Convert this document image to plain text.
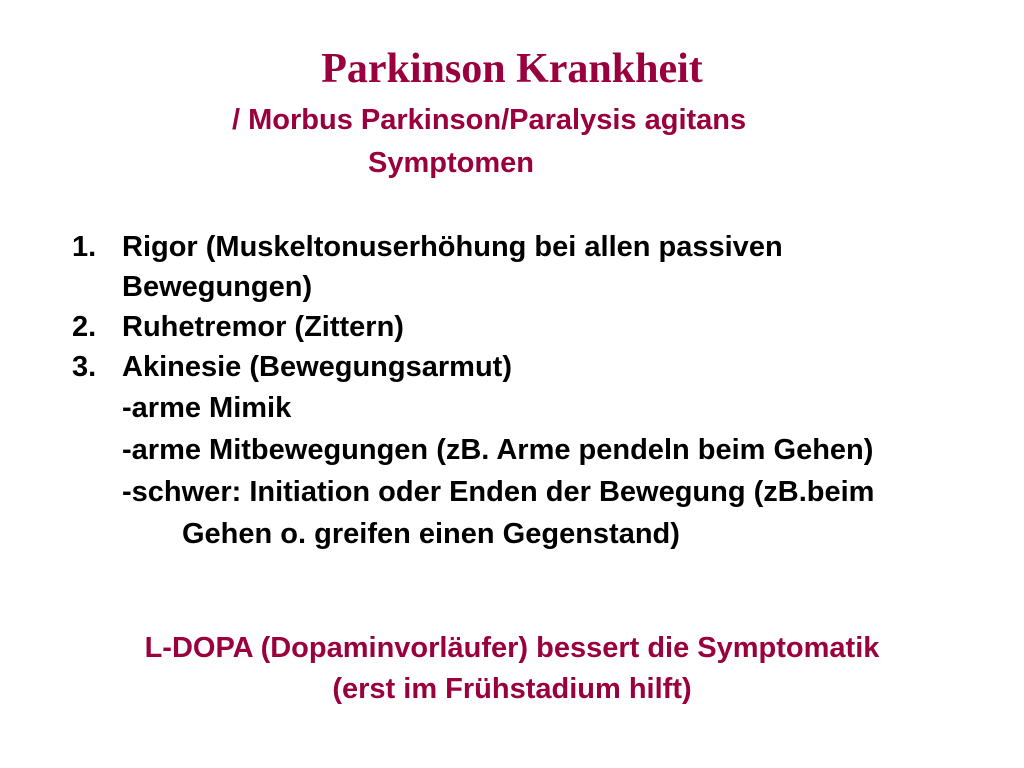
Parkinson Krankheit
/ Morbus Parkinson/Paralysis agitans
Symptomen
1. Rigor (Muskeltonuserhöhung bei allen passiven
Bewegungen)
2. Ruhetremor (Zittern)
3. Akinesie (Bewegungsarmut)
-arme Mimik
-arme Mitbewegungen (zB. Arme pendeln beim Gehen)
-schwer: Initiation oder Enden der Bewegung (zB.beim
Gehen o. greifen einen Gegenstand)
L-DOPA (Dopaminvorläufer) bessert die Symptomatik
(erst im Frühstadium hilft)
